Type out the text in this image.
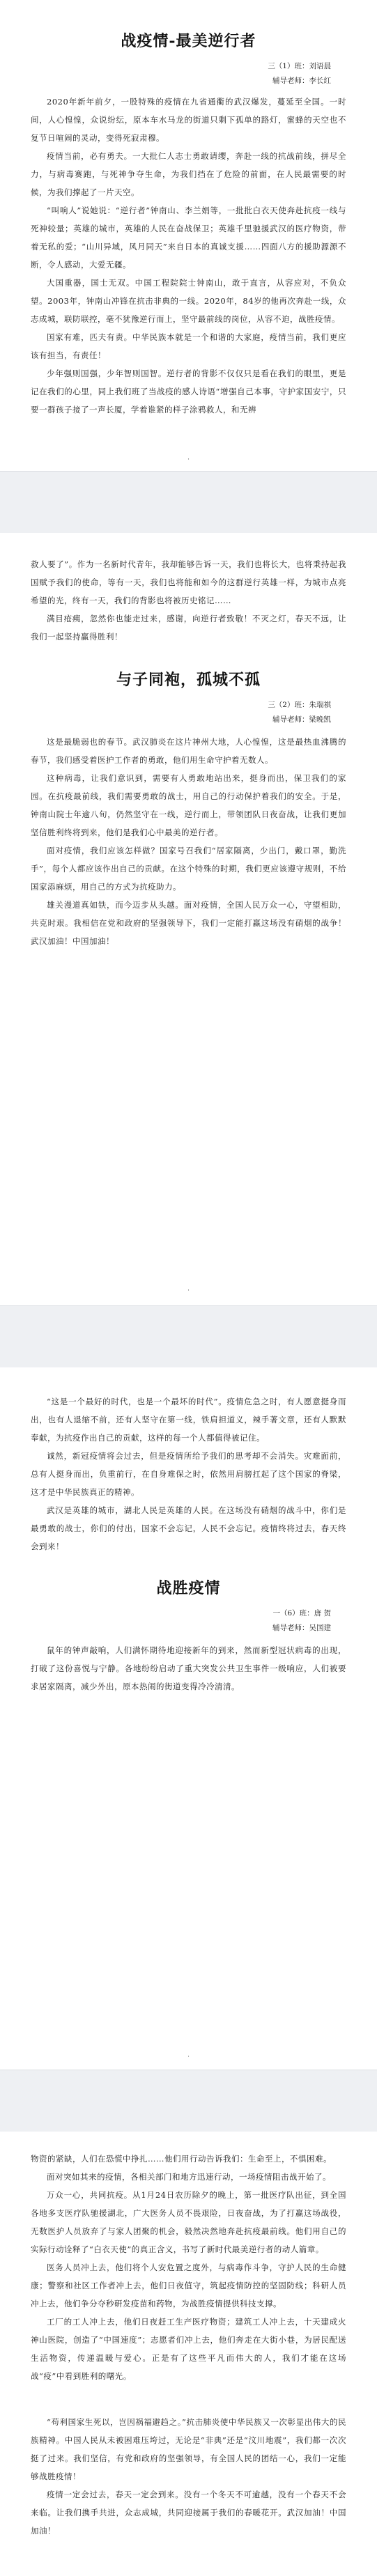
战疫情-最美逆行者
三（1）班：刘语晨
辅导老师：李长红

2020年新年前夕，一股特殊的疫情在九省通衢的武汉爆发，蔓延至全国。一时间，人心惶惶，众说纷纭，原本车水马龙的街道只剩下孤单的路灯，蜜蜂的天空也不复节日喧闹的灵动，变得死寂肃穆。

疫情当前，必有勇夫。一大批仁人志士勇敢请缨，奔赴一线的抗战前线，拼尽全力，与病毒赛跑，与死神争夺生命，为我们挡在了危险的前面，在人民最需要的时候，为我们撑起了一片天空。

“叫响人”说她说：“逆行者”钟南山、李兰娟等，一批批白衣天使奔赴抗疫一线与死神较量；英雄的城市，英雄的人民在奋战保卫；英雄千里驰援武汉的医疗物资，带着无私的爱；“山川异域，风月同天”来自日本的真诚支援……四面八方的援助源源不断，令人感动，大爱无疆。

大国重器，国士无双。中国工程院院士钟南山，敢于直言，从容应对，不负众望。2003年，钟南山冲锋在抗击非典的一线。2020年，84岁的他再次奔赴一线，众志成城，联防联控，毫不犹豫逆行而上，坚守最前线的岗位，从容不迫，战胜疫情。

国家有难，匹夫有责。中华民族本就是一个和谐的大家庭，疫情当前，我们更应该有担当，有责任！

少年强则国强，少年智则国智。逆行者的背影不仅仅只是看在我们的眼里，更是记在我们的心里，同上我们班了当战疫的感人诗语“增强自己本事，守护家国安宁，只要一群孩子接了一声长厦，学着谁紧的样子涂鸦救人，和无辨

·

救人要了”。作为一名新时代青年，我却能够告诉一天，我们也将长大，也将秉持起我国赋予我们的使命，等有一天，我们也将能和如今的这群逆行英雄一样，为城市点亮希望的光，终有一天，我们的背影也将被历史铭记……

满目疮痍，忽然你也能走过来，感谢，向逆行者致敬！不灭之灯，春天不远，让我们一起坚持赢得胜利！

与子同袍，孤城不孤
三（2）班：朱瑞祺
辅导老师：梁晚凯

这是最脆弱也的春节。武汉肺炎在这片神州大地，人心惶惶，这是最热血沸腾的春节，我们感受着医护工作者的勇敢，他们用生命守护着无数人。

这种病毒，让我们意识到，需要有人勇敢地站出来，挺身而出，保卫我们的家园。在抗疫最前线，我们需要勇敢的战士，用自己的行动保护着我们的安全。于是，钟南山院士年逾八旬，仍然坚守在一线，逆行而上，带领团队日夜奋战，让我们更加坚信胜利终将到来，他们是我们心中最美的逆行者。

面对疫情，我们应该怎样做？国家号召我们“居家隔离，少出门，戴口罩，勤洗手”，每个人都应该作出自己的贡献。在这个特殊的时期，我们更应该遵守规则，不给国家添麻烦，用自己的方式为抗疫助力。

雄关漫道真如铁，而今迈步从头越。面对疫情，全国人民万众一心，守望相助，共克时艰。我相信在党和政府的坚强领导下，我们一定能打赢这场没有硝烟的战争！武汉加油！中国加油！

·

“这是一个最好的时代，也是一个最坏的时代”。疫情危急之时，有人愿意挺身而出，也有人退缩不前，还有人坚守在第一线，铁肩担道义，辣手著文章，还有人默默奉献，为抗疫作出自己的贡献，这样的每一个人都值得被记住。

诚然，新冠疫情将会过去，但是疫情所给予我们的思考却不会消失。灾难面前，总有人挺身而出，负重前行，在自身难保之时，依然用肩膀扛起了这个国家的脊梁，这才是中华民族真正的精神。

武汉是英雄的城市，湖北人民是英雄的人民。在这场没有硝烟的战斗中，你们是最勇敢的战士，你们的付出，国家不会忘记，人民不会忘记。疫情终将过去，春天终会到来！

战胜疫情
一（6）班：唐 贺
辅导老师：吴国建

鼠年的钟声敲响，人们满怀期待地迎接新年的到来，然而新型冠状病毒的出现，打破了这份喜悦与宁静。各地纷纷启动了重大突发公共卫生事件一级响应，人们被要求居家隔离，减少外出，原本热闹的街道变得冷冷清清。

·

物资的紧缺，人们在恐慌中挣扎……他们用行动告诉我们：生命至上，不惧困难。

面对突如其来的疫情，各相关部门和地方迅速行动，一场疫情阻击战开始了。

万众一心，共同抗疫。从1月24日农历除夕的晚上，第一批医疗队出征，到全国各地多支医疗队驰援湖北，广大医务人员不畏艰险，日夜奋战，为了打赢这场战役，无数医护人员放弃了与家人团聚的机会，毅然决然地奔赴抗疫最前线。他们用自己的实际行动诠释了“白衣天使”的真正含义，书写了新时代最美逆行者的动人篇章。

医务人员冲上去，他们将个人安危置之度外，与病毒作斗争，守护人民的生命健康；警察和社区工作者冲上去，他们日夜值守，筑起疫情防控的坚固防线；科研人员冲上去，他们争分夺秒研发疫苗和药物，为战胜疫情提供科技支撑。

工厂的工人冲上去，他们日夜赶工生产医疗物资；建筑工人冲上去，十天建成火神山医院，创造了“中国速度”；志愿者们冲上去，他们奔走在大街小巷，为居民配送生活物资，传递温暖与爱心。正是有了这些平凡而伟大的人，我们才能在这场战“疫”中看到胜利的曙光。

“苟利国家生死以，岂因祸福避趋之。”抗击肺炎使中华民族又一次彰显出伟大的民族精神。中国人民从未被困难压垮过，无论是“非典”还是“汶川地震”，我们都一次次挺了过来。我们坚信，有党和政府的坚强领导，有全国人民的团结一心，我们一定能够战胜疫情！

疫情一定会过去，春天一定会到来。没有一个冬天不可逾越，没有一个春天不会来临。让我们携手共进，众志成城，共同迎接属于我们的春暖花开。武汉加油！中国加油！
